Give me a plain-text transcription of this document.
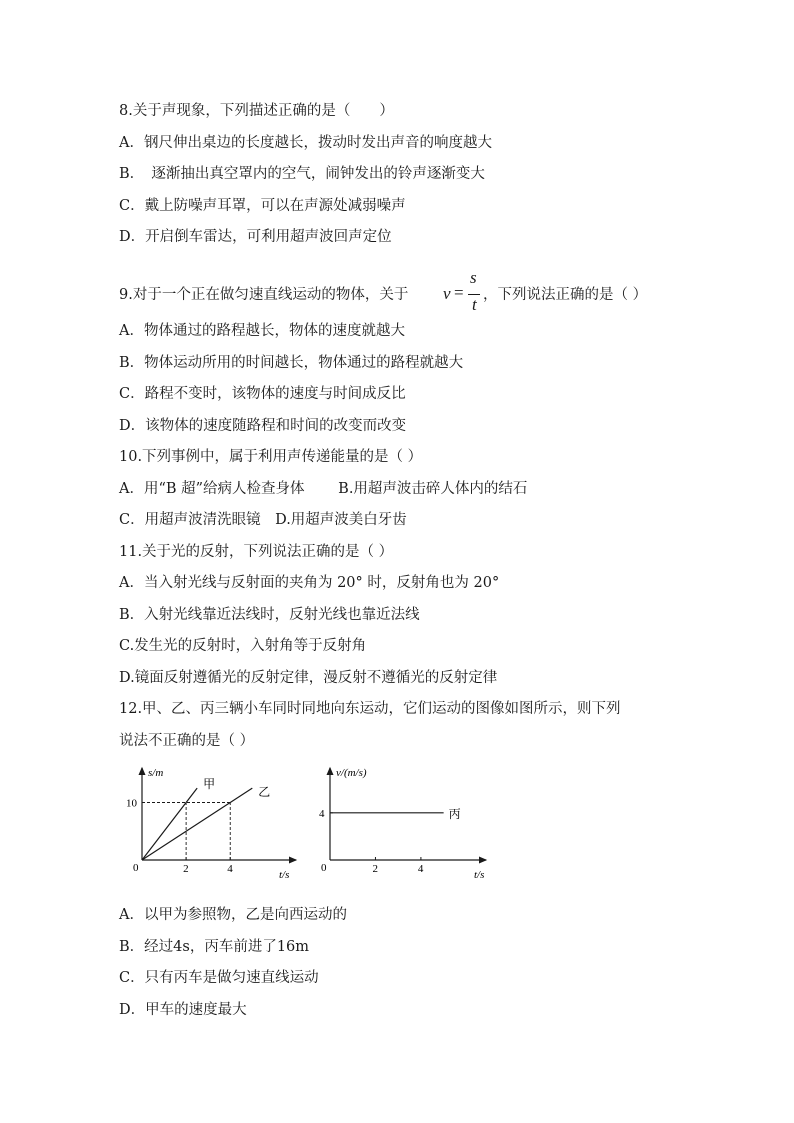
8.关于声现象，下列描述正确的是（　　）
A．钢尺伸出桌边的长度越长，拨动时发出声音的响度越大
B．　逐渐抽出真空罩内的空气，闹钟发出的铃声逐渐变大
C．戴上防噪声耳罩，可以在声源处减弱噪声
D．开启倒车雷达，可利用超声波回声定位
9.对于一个正在做匀速直线运动的物体，关于 v =
s
t ，下列说法正确的是（ ）
A．物体通过的路程越长，物体的速度就越大
B．物体运动所用的时间越长，物体通过的路程就越大
C．路程不变时，该物体的速度与时间成反比
D．该物体的速度随路程和时间的改变而改变
10.下列事例中，属于利用声传递能量的是（ ）
A．用“B 超”给病人检查身体　　 B.用超声波击碎人体内的结石
C．用超声波清洗眼镜　D.用超声波美白牙齿
11.关于光的反射，下列说法正确的是（ ）
A．当入射光线与反射面的夹角为 20° 时，反射角也为 20°
B．入射光线靠近法线时，反射光线也靠近法线
C.发生光的反射时，入射角等于反射角
D.镜面反射遵循光的反射定律，漫反射不遵循光的反射定律
12.甲、乙、丙三辆小车同时同地向东运动，它们运动的图像如图所示，则下列
说法不正确的是（ ）
s/m
t/s
0	2	4
10
甲
乙
v/(m/s)
t/s
0	2	4
4	丙
A．以甲为参照物，乙是向西运动的
B．经过4s，丙车前进了16m
C．只有丙车是做匀速直线运动
D．甲车的速度最大
